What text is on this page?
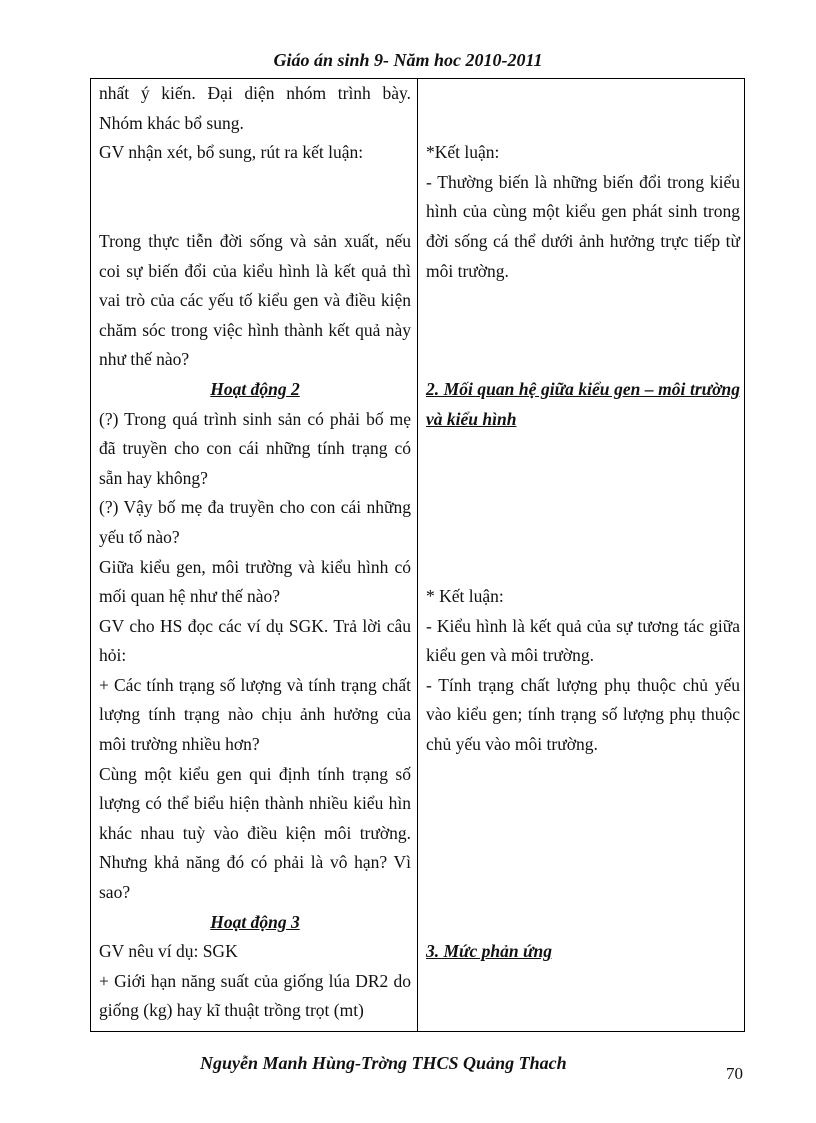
Giáo án sinh 9- Năm hoc 2010-2011

nhất ý kiến. Đại diện nhóm trình bày.

Nhóm khác bổ sung.

GV nhận xét, bổ sung, rút ra kết luận:

Trong thực tiễn đời sống và sản xuất, nếu coi sự biến đổi của kiểu hình là kết quả thì vai trò của các yếu tố kiểu gen và điều kiện chăm sóc trong việc hình thành kết quả này như thế nào?

Hoạt động 2

(?) Trong quá trình sinh sản có phải bố mẹ đã truyền cho con cái những tính trạng có sẵn hay không?

(?) Vậy bố mẹ đa truyền cho con cái những yếu tố nào?

Giữa kiểu gen, môi trường và kiểu hình có mối quan hệ như thế nào?

GV cho HS đọc các ví dụ SGK. Trả lời câu hỏi:

+ Các tính trạng số lượng và tính trạng chất lượng tính trạng nào chịu ảnh hưởng của môi trường nhiều hơn?

Cùng một kiểu gen qui định tính trạng số lượng có thể biểu hiện thành nhiều kiểu hìn khác nhau tuỳ vào điều kiện môi trường. Nhưng khả năng đó có phải là vô hạn? Vì sao?

Hoạt động 3

GV nêu ví dụ: SGK

+ Giới hạn năng suất của giống lúa DR2 do giống (kg) hay kĩ thuật trồng trọt (mt)

*Kết luận:

- Thường biến là những biến đổi trong kiểu hình của cùng một kiểu gen phát sinh trong đời sống cá thể dưới ảnh hưởng trực tiếp từ môi trường.

2. Mối quan hệ giữa kiểu gen – môi trường và kiểu hình

* Kết luận:

- Kiểu hình là kết quả của sự tương tác giữa kiểu gen và môi trường.

- Tính trạng chất lượng phụ thuộc chủ yếu vào kiểu gen; tính trạng số lượng phụ thuộc chủ yếu vào môi trường.

3. Mức phản ứng

Nguyễn Manh Hùng-Trờng THCS Quảng Thach
70
